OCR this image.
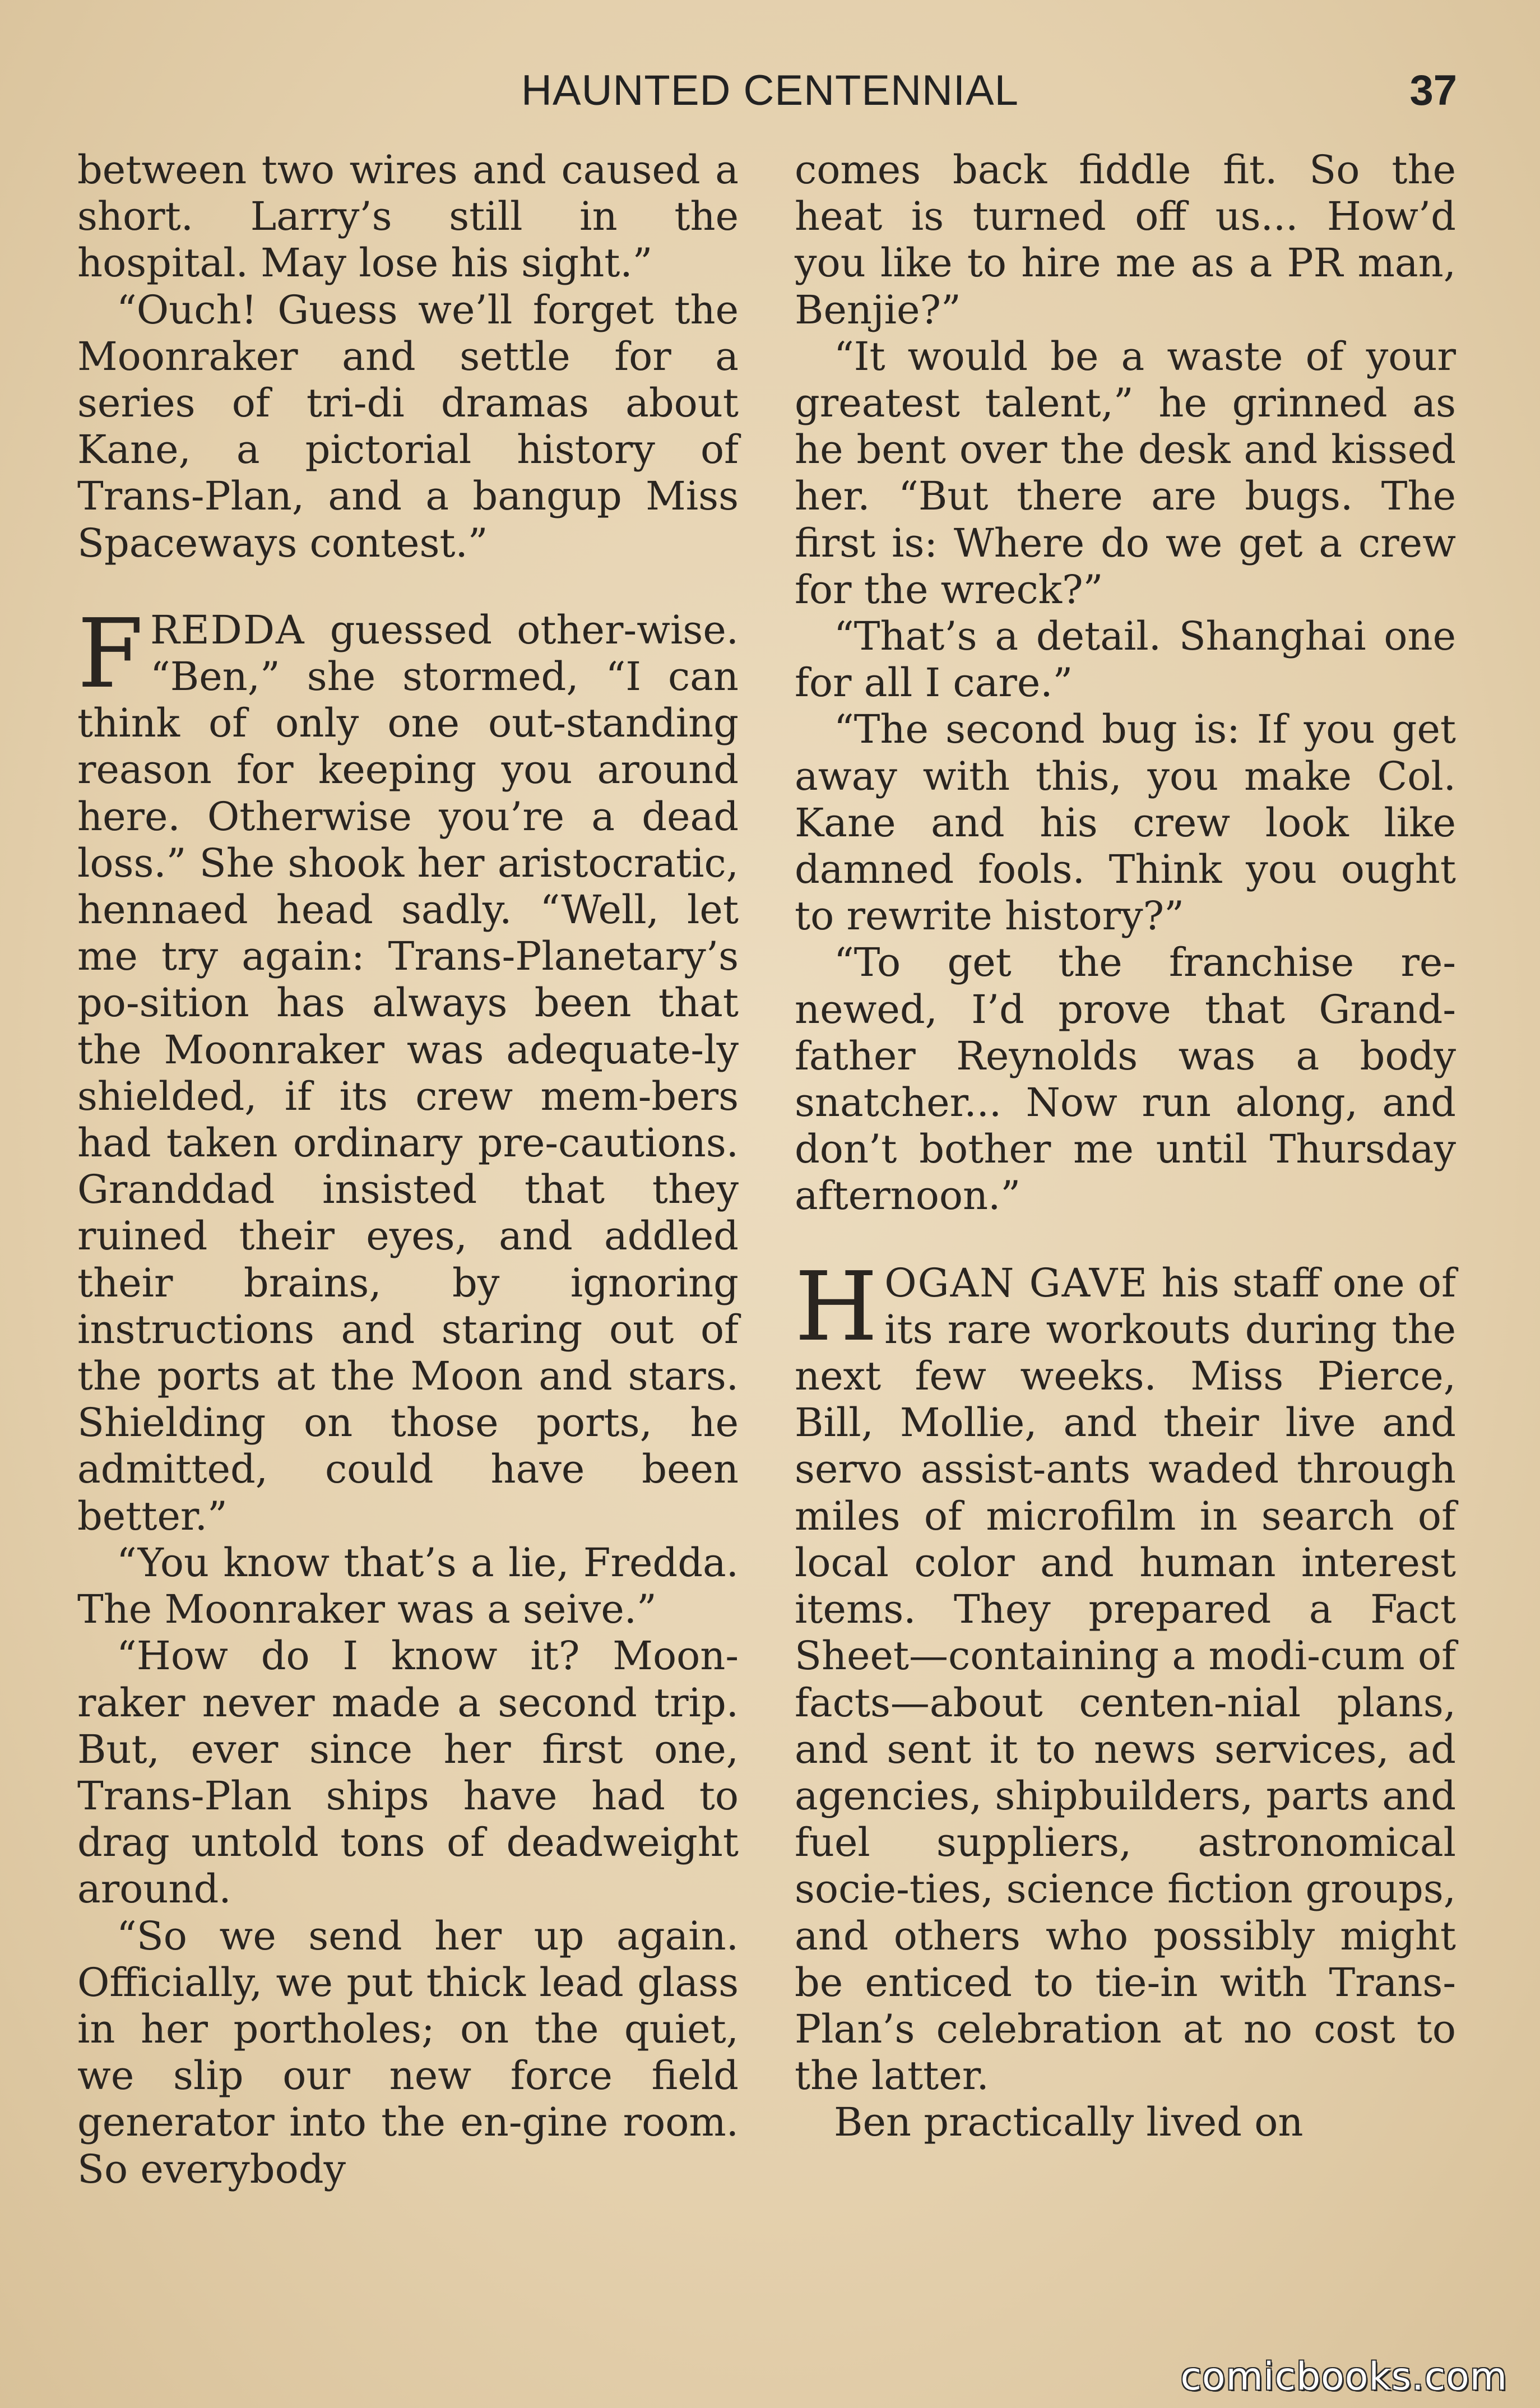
HAUNTED CENTENNIAL	37

between two wires and caused a short. Larry’s still in the hospital. May lose his sight.”

“Ouch! Guess we’ll forget the Moonraker and settle for a series of tri-di dramas about Kane, a pictorial history of Trans-Plan, and a bangup Miss Spaceways contest.”

FREDDA guessed other-wise. “Ben,” she stormed, “I can think of only one out-standing reason for keeping you around here. Otherwise you’re a dead loss.” She shook her aristocratic, hennaed head sadly. “Well, let me try again: Trans-Planetary’s po-sition has always been that the Moonraker was adequate-ly shielded, if its crew mem-bers had taken ordinary pre-cautions. Granddad insisted that they ruined their eyes, and addled their brains, by ignoring instructions and staring out of the ports at the Moon and stars. Shielding on those ports, he admitted, could have been better.”

“You know that’s a lie, Fredda. The Moonraker was a seive.”

“How do I know it? Moon-raker never made a second trip. But, ever since her first one, Trans-Plan ships have had to drag untold tons of deadweight around.

“So we send her up again. Officially, we put thick lead glass in her portholes; on the quiet, we slip our new force field generator into the en-gine room. So everybody

comes back fiddle fit. So the heat is turned off us... How’d you like to hire me as a PR man, Benjie?”

“It would be a waste of your greatest talent,” he grinned as he bent over the desk and kissed her. “But there are bugs. The first is: Where do we get a crew for the wreck?”

“That’s a detail. Shanghai one for all I care.”

“The second bug is: If you get away with this, you make Col. Kane and his crew look like damned fools. Think you ought to rewrite history?”

“To get the franchise re-newed, I’d prove that Grand-father Reynolds was a body snatcher... Now run along, and don’t bother me until Thursday afternoon.”

HOGAN GAVE his staff one of its rare workouts during the next few weeks. Miss Pierce, Bill, Mollie, and their live and servo assist-ants waded through miles of microfilm in search of local color and human interest items. They prepared a Fact Sheet—containing a modi-cum of facts—about centen-nial plans, and sent it to news services, ad agencies, shipbuilders, parts and fuel suppliers, astronomical socie-ties, science fiction groups, and others who possibly might be enticed to tie-in with Trans-Plan’s celebration at no cost to the latter.

Ben practically lived on

comicbooks.com
